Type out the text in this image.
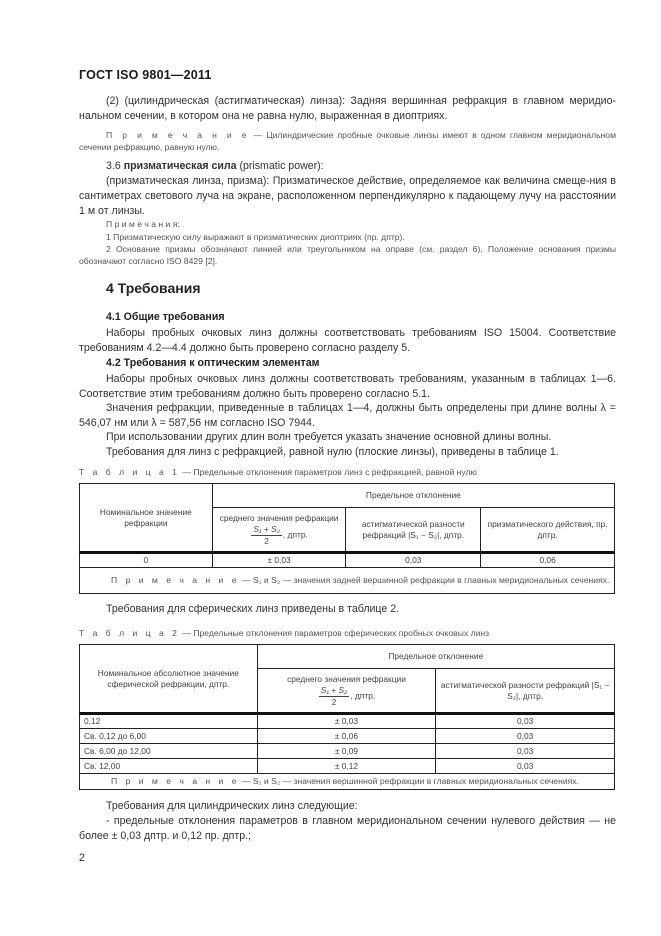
ГОСТ ISO 9801—2011
(2) (цилиндрическая (астигматическая) линза): Задняя вершинная рефракция в главном меридио-нальном сечении, в котором она не равна нулю, выраженная в диоптриях.
П р и м е ч а н и е — Цилиндрические пробные очковые линзы имеют в одном главном меридиональном сечении рефракцию, равную нулю.
3.6 призматическая сила (prismatic power):
(призматическая линза, призма): Призматическое действие, определяемое как величина смеще-ния в сантиметрах светового луча на экране, расположенном перпендикулярно к падающему лучу на расстоянии 1 м от линзы.
П р и м е ч а н и я:
1 Призматическую силу выражают в призматических диоптриях (пр. дптр).
2 Основание призмы обозначают линией или треугольником на оправе (см. раздел 6). Положение основания призмы обозначают согласно ISO 8429 [2].
4 Требования
4.1 Общие требования
Наборы пробных очковых линз должны соответствовать требованиям ISO 15004. Соответствие требованиям 4.2—4.4 должно быть проверено согласно разделу 5.
4.2 Требования к оптическим элементам
Наборы пробных очковых линз должны соответствовать требованиям, указанным в таблицах 1—6. Соответствие этим требованиям должно быть проверено согласно 5.1.
Значения рефракции, приведенные в таблицах 1—4, должны быть определены при длине волны λ = 546,07 нм или λ = 587,56 нм согласно ISO 7944.
При использовании других длин волн требуется указать значение основной длины волны.
Требования для линз с рефракцией, равной нулю (плоские линзы), приведены в таблице 1.
Т а б л и ц а 1 — Предельные отклонения параметров линз с рефракцией, равной нулю
Номинальное значение рефракции	Предельное отклонение		
	среднего значения рефракции

$\frac{\text{S₁ + S₂}}{2}$ , дптр.	астигматической разности рефракций |S₁ − S₂|, дптр.	призматического действия, пр. дптр.
0	± 0,03	0,03	0,06
П р и м е ч а н и е — S₁ и S₂ — значения задней вершинной рефракции в главных меридиональных сечениях.			
Требования для сферических линз приведены в таблице 2.
Т а б л и ц а 2 — Предельные отклонения параметров сферических пробных очковых линз
Номинальное абсолютное значение сферической рефракции, дптр.	Предельное отклонение	
	среднего значения рефракции

$\frac{\text{S₁ + S₂}}{2}$ , дптр.	астигматической разности рефракций |S₁ − S₂|, дптр.
0,12	± 0,03	0,03
Св. 0,12 до 6,00	± 0,06	0,03
Св. 6,00 до 12,00	± 0,09	0,03
Св. 12,00	± 0,12	0,03
П р и м е ч а н и е — S₁ и S₂ — значения вершинной рефракции в главных меридиональных сечениях.		
Требования для цилиндрических линз следующие:
- предельные отклонения параметров в главном меридиональном сечении нулевого действия — не более ± 0,03 дптр. и 0,12 пр. дптр.;
2
